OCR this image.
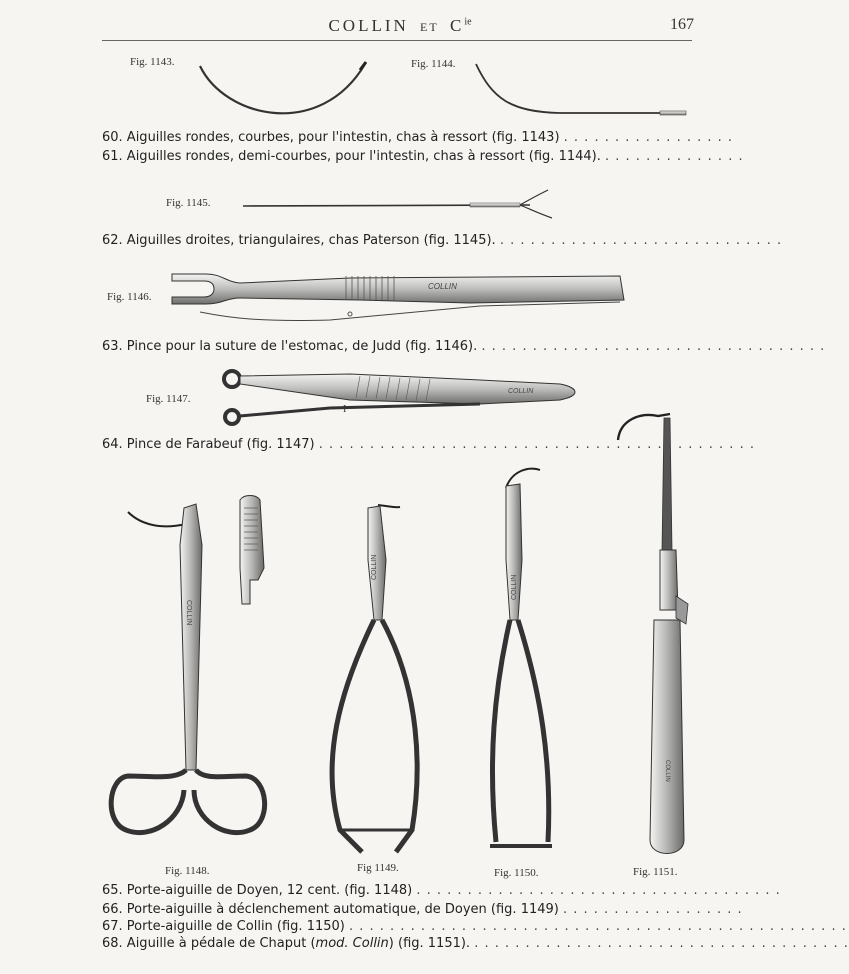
COLLIN ET $C^{ie}$	167
COLLIN
I
COLLIN
COLLIN
COLLIN
COLLIN
COLLIN
Fig. 1143.	Fig. 1144.
Fig. 1145.
Fig. 1146.
Fig. 1147.
Fig. 1148.	Fig 1149.	Fig. 1150.	Fig. 1151.
60. Aiguilles rondes, courbes, pour l'intestin, chas à ressort (fig. 1143) . . . . . . . . . . . . . . . . .
61. Aiguilles rondes, demi-courbes, pour l'intestin, chas à ressort (fig. 1144). . . . . . . . . . . . . . .
62. Aiguilles droites, triangulaires, chas Paterson (fig. 1145). . . . . . . . . . . . . . . . . . . . . . . . . . . . .
63. Pince pour la suture de l'estomac, de Judd (fig. 1146). . . . . . . . . . . . . . . . . . . . . . . . . . . . . . . . . . .
64. Pince de Farabeuf (fig. 1147) . . . . . . . . . . . . . . . . . . . . . . . . . . . . . . . . . . . . . . . . . . .
65. Porte-aiguille de Doyen, 12 cent. (fig. 1148) . . . . . . . . . . . . . . . . . . . . . . . . . . . . . . . . . . . .
66. Porte-aiguille à déclenchement automatique, de Doyen (fig. 1149) . . . . . . . . . . . . . . . . . .
67. Porte-aiguille de Collin (fig. 1150) . . . . . . . . . . . . . . . . . . . . . . . . . . . . . . . . . . . . . . . . . . . . . . . . .
68. Aiguille à pédale de Chaput (mod. Collin) (fig. 1151). . . . . . . . . . . . . . . . . . . . . . . . . . . . . . . . . . . . . .
